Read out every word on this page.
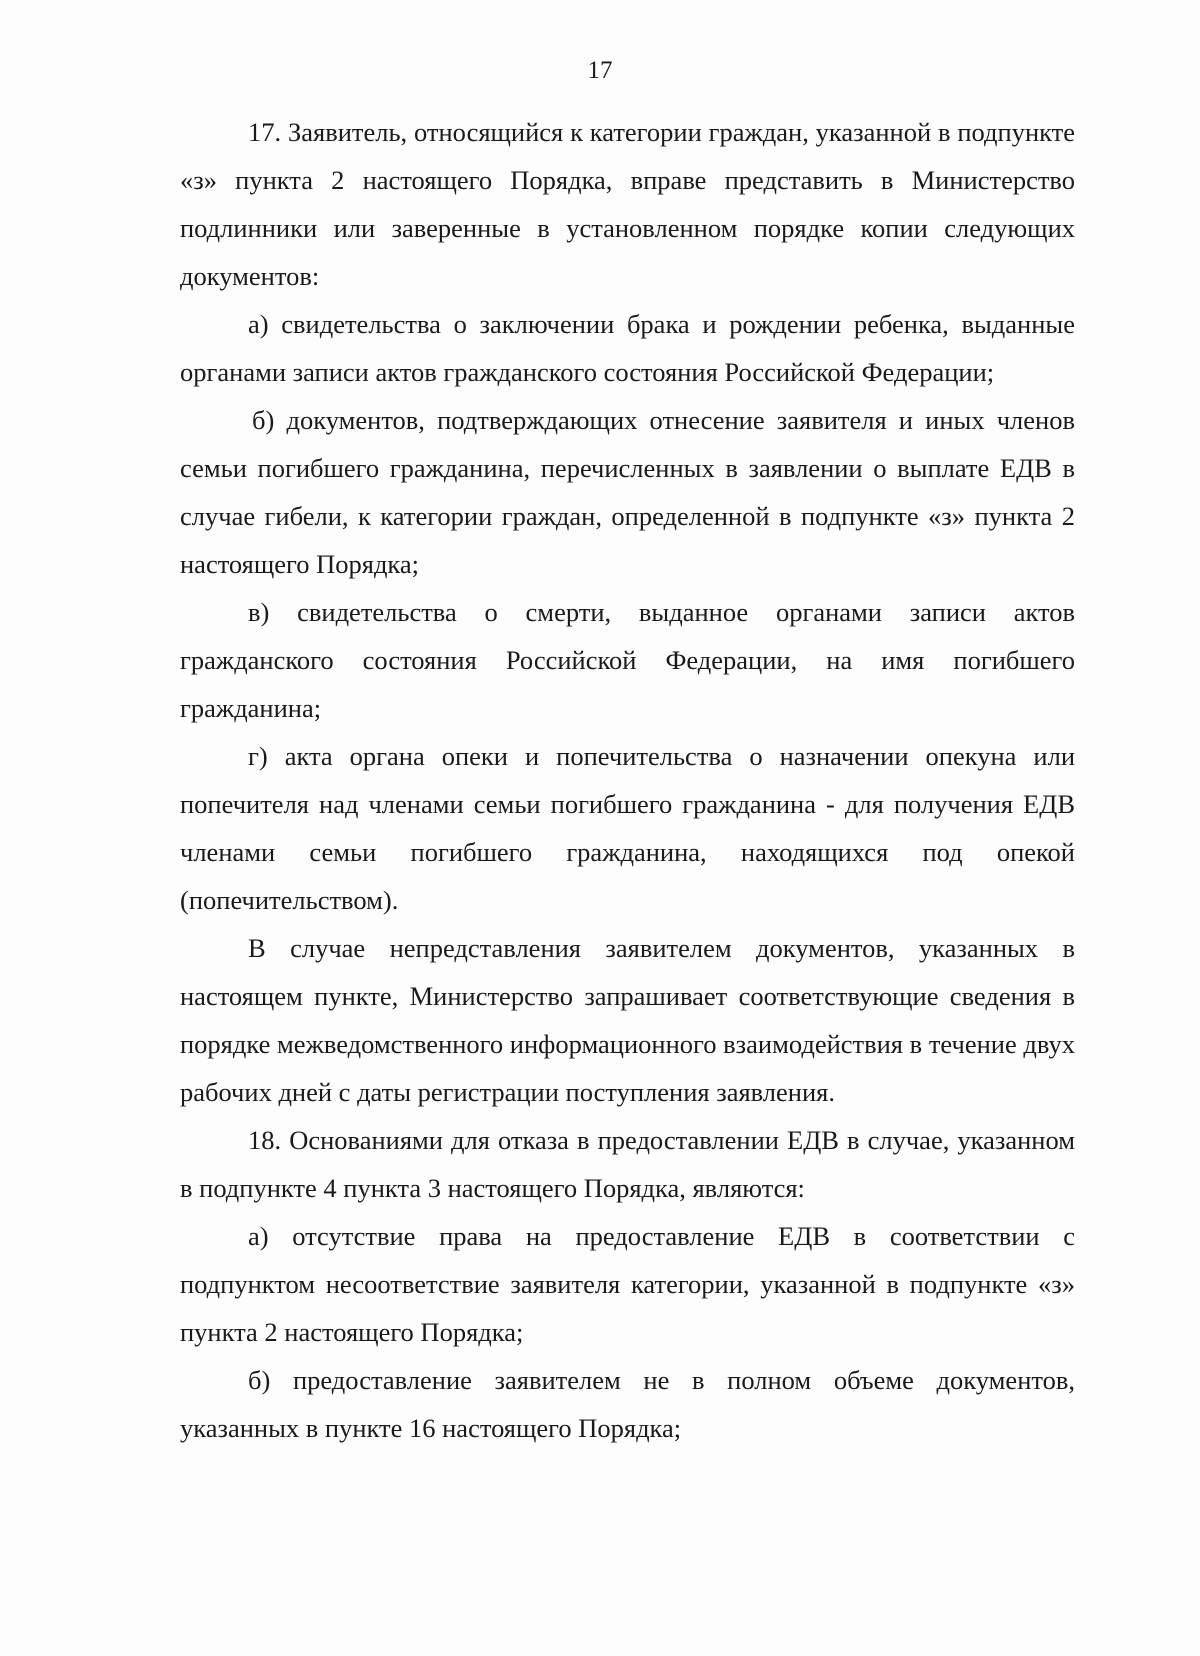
17

17. Заявитель, относящийся к категории граждан, указанной в подпункте «з» пункта 2 настоящего Порядка, вправе представить в Министерство подлинники или заверенные в установленном порядке копии следующих документов:

а) свидетельства о заключении брака и рождении ребенка, выданные органами записи актов гражданского состояния Российской Федерации;

б) документов, подтверждающих отнесение заявителя и иных членов семьи погибшего гражданина, перечисленных в заявлении о выплате ЕДВ в случае гибели, к категории граждан, определенной в подпункте «з» пункта 2 настоящего Порядка;

в) свидетельства о смерти, выданное органами записи актов гражданского состояния Российской Федерации, на имя погибшего гражданина;

г) акта органа опеки и попечительства о назначении опекуна или попечителя над членами семьи погибшего гражданина - для получения ЕДВ членами семьи погибшего гражданина, находящихся под опекой (попечительством).

В случае непредставления заявителем документов, указанных в настоящем пункте, Министерство запрашивает соответствующие сведения в порядке межведомственного информационного взаимодействия в течение двух рабочих дней с даты регистрации поступления заявления.

18. Основаниями для отказа в предоставлении ЕДВ в случае, указанном в подпункте 4 пункта 3 настоящего Порядка, являются:

а) отсутствие права на предоставление ЕДВ в соответствии с подпунктом несоответствие заявителя категории, указанной в подпункте «з» пункта 2 настоящего Порядка;

б) предоставление заявителем не в полном объеме документов, указанных в пункте 16 настоящего Порядка;
